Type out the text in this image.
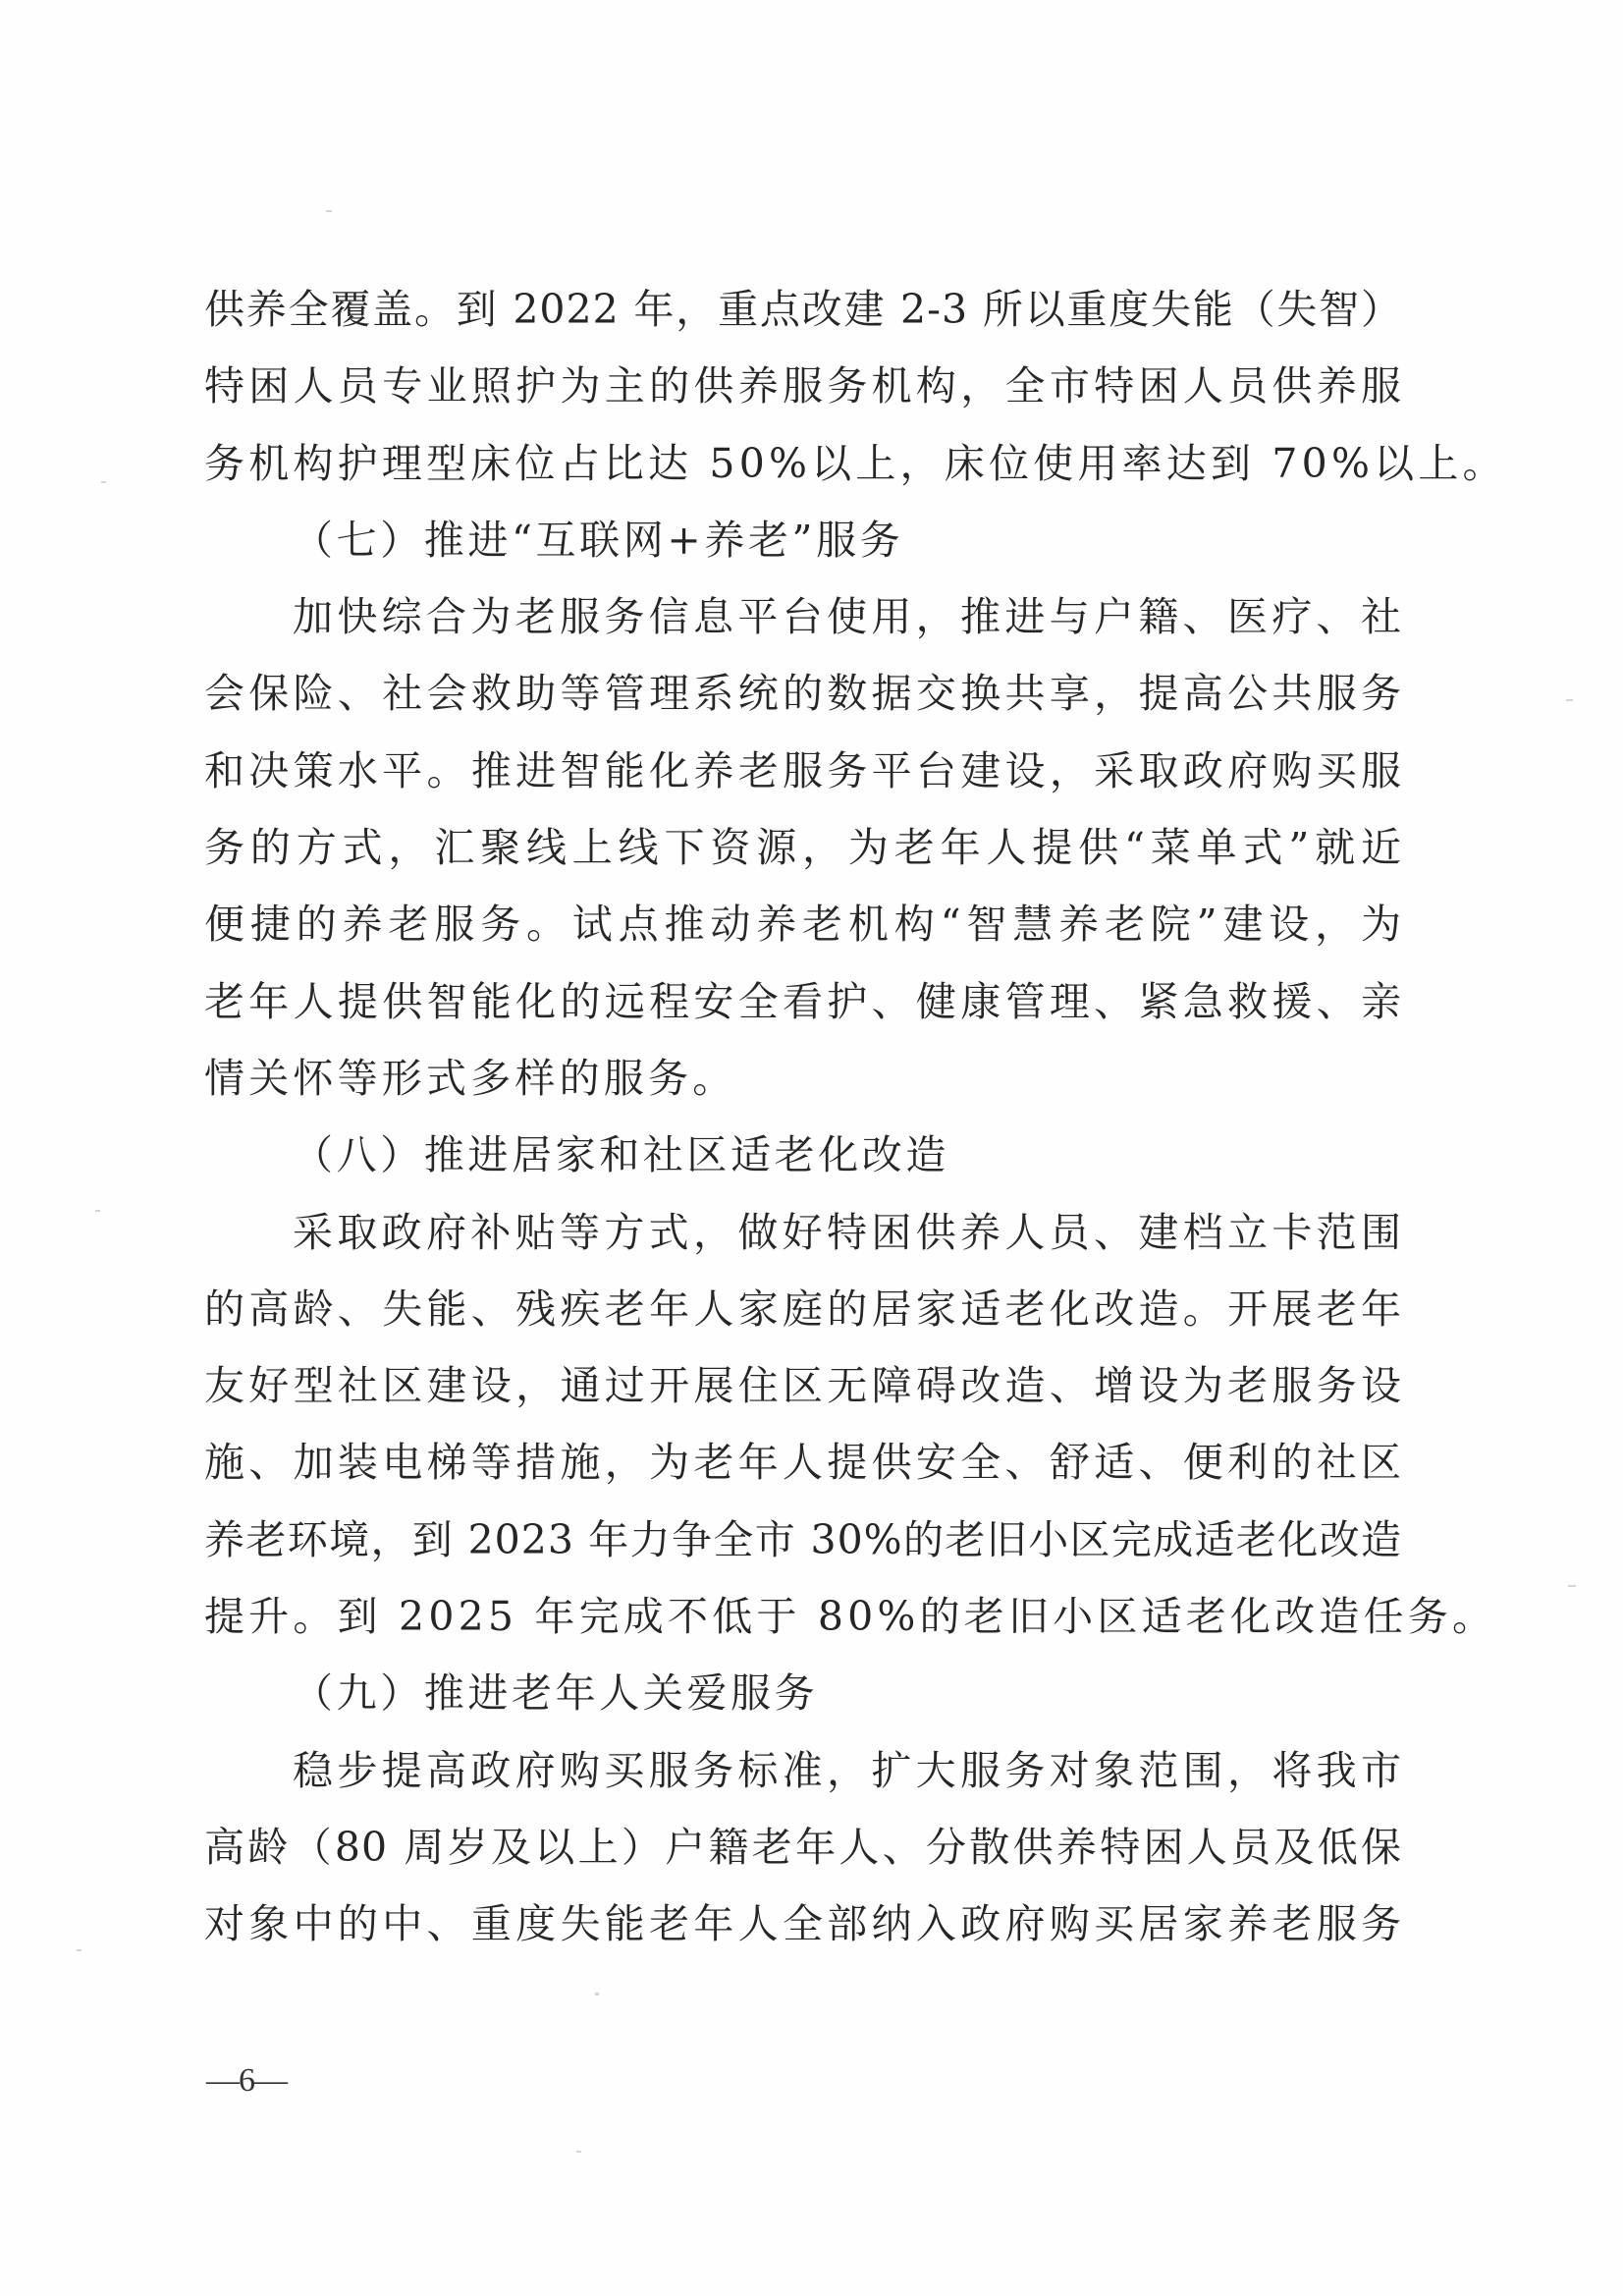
供养全覆盖。到 2022 年，重点改建 2-3 所以重度失能（失智）
特困人员专业照护为主的供养服务机构，全市特困人员供养服
务机构护理型床位占比达 50%以上，床位使用率达到 70%以上。
（七）推进“互联网+养老”服务
加快综合为老服务信息平台使用，推进与户籍、医疗、社
会保险、社会救助等管理系统的数据交换共享，提高公共服务
和决策水平。推进智能化养老服务平台建设，采取政府购买服
务的方式，汇聚线上线下资源，为老年人提供“菜单式”就近
便捷的养老服务。试点推动养老机构“智慧养老院”建设，为
老年人提供智能化的远程安全看护、健康管理、紧急救援、亲
情关怀等形式多样的服务。
（八）推进居家和社区适老化改造
采取政府补贴等方式，做好特困供养人员、建档立卡范围
的高龄、失能、残疾老年人家庭的居家适老化改造。开展老年
友好型社区建设，通过开展住区无障碍改造、增设为老服务设
施、加装电梯等措施，为老年人提供安全、舒适、便利的社区
养老环境，到 2023 年力争全市 30%的老旧小区完成适老化改造
提升。到 2025 年完成不低于 80%的老旧小区适老化改造任务。
（九）推进老年人关爱服务
稳步提高政府购买服务标准，扩大服务对象范围，将我市
高龄（80 周岁及以上）户籍老年人、分散供养特困人员及低保
对象中的中、重度失能老年人全部纳入政府购买居家养老服务
—6—
